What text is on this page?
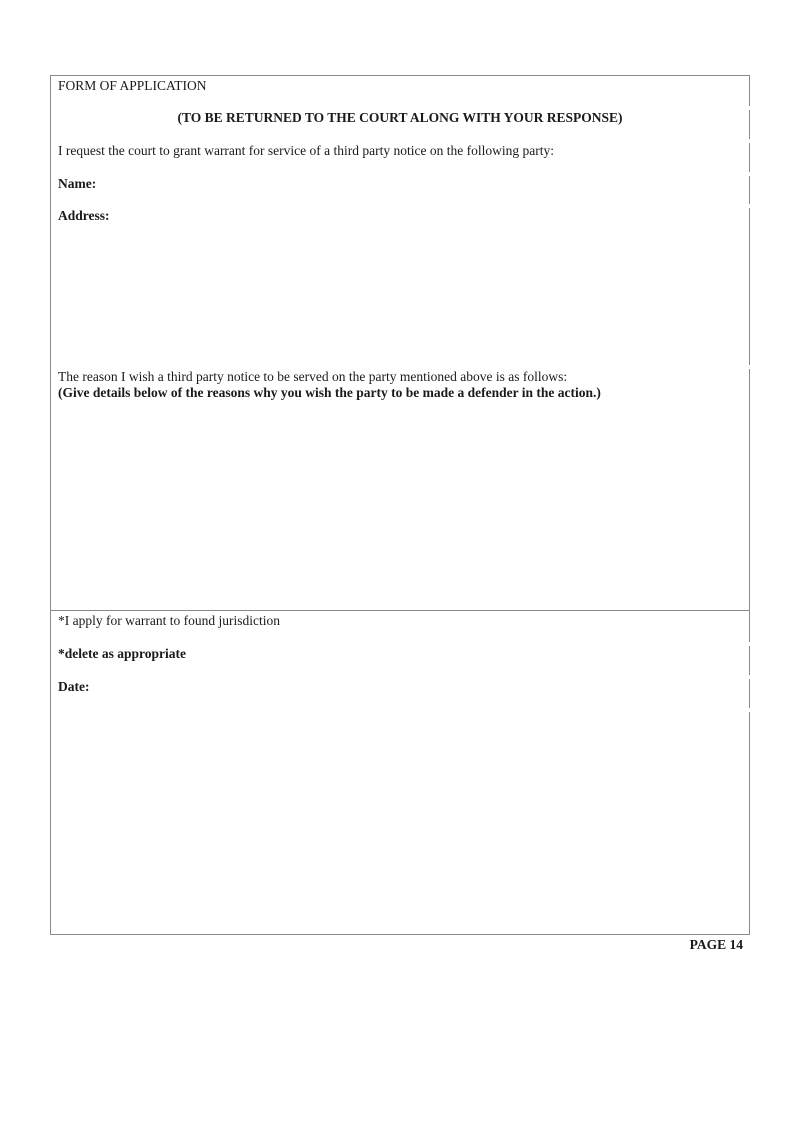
FORM OF APPLICATION
(TO BE RETURNED TO THE COURT ALONG WITH YOUR RESPONSE)
I request the court to grant warrant for service of a third party notice on the following party:
Name:
Address:
The reason I wish a third party notice to be served on the party mentioned above is as follows:
(Give details below of the reasons why you wish the party to be made a defender in the action.)
*I apply for warrant to found jurisdiction
*delete as appropriate
Date:
PAGE 14
